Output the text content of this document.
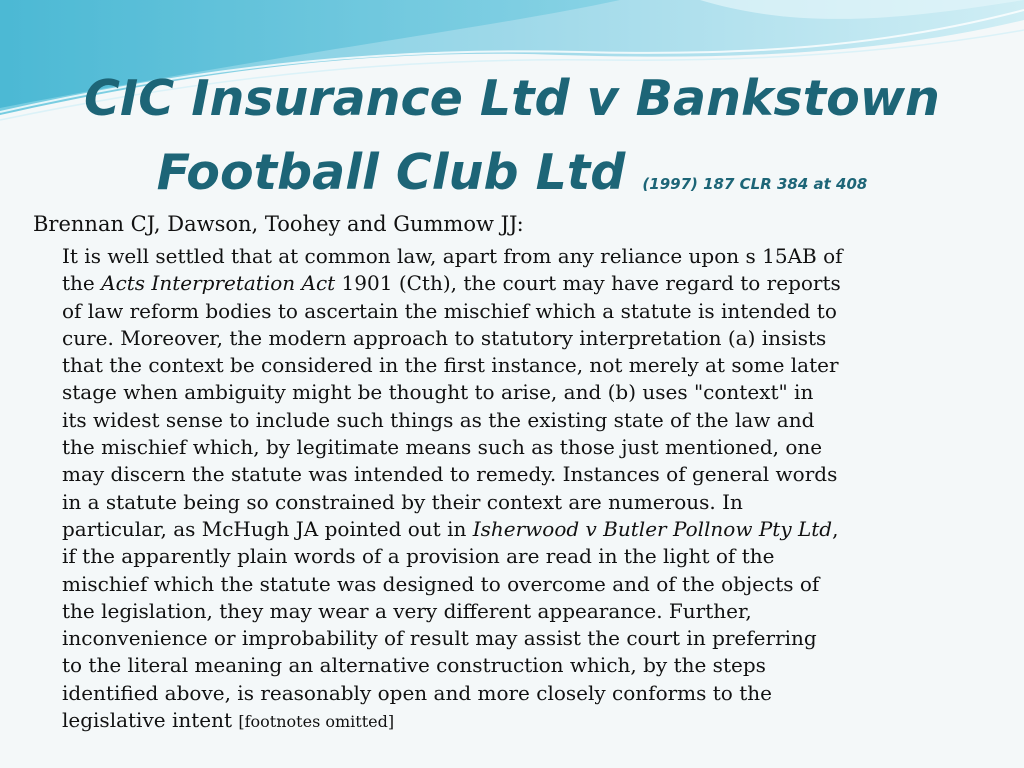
CIC Insurance Ltd v Bankstown
Football Club Ltd (1997) 187 CLR 384 at 408
Brennan CJ, Dawson, Toohey and Gummow JJ:

It is well settled that at common law, apart from any reliance upon s 15AB of
the Acts Interpretation Act 1901 (Cth), the court may have regard to reports
of law reform bodies to ascertain the mischief which a statute is intended to
cure. Moreover, the modern approach to statutory interpretation (a) insists
that the context be considered in the first instance, not merely at some later
stage when ambiguity might be thought to arise, and (b) uses "context" in
its widest sense to include such things as the existing state of the law and
the mischief which, by legitimate means such as those just mentioned, one
may discern the statute was intended to remedy. Instances of general words
in a statute being so constrained by their context are numerous. In
particular, as McHugh JA pointed out in Isherwood v Butler Pollnow Pty Ltd,
if the apparently plain words of a provision are read in the light of the
mischief which the statute was designed to overcome and of the objects of
the legislation, they may wear a very different appearance. Further,
inconvenience or improbability of result may assist the court in preferring
to the literal meaning an alternative construction which, by the steps
identified above, is reasonably open and more closely conforms to the
legislative intent [footnotes omitted]
